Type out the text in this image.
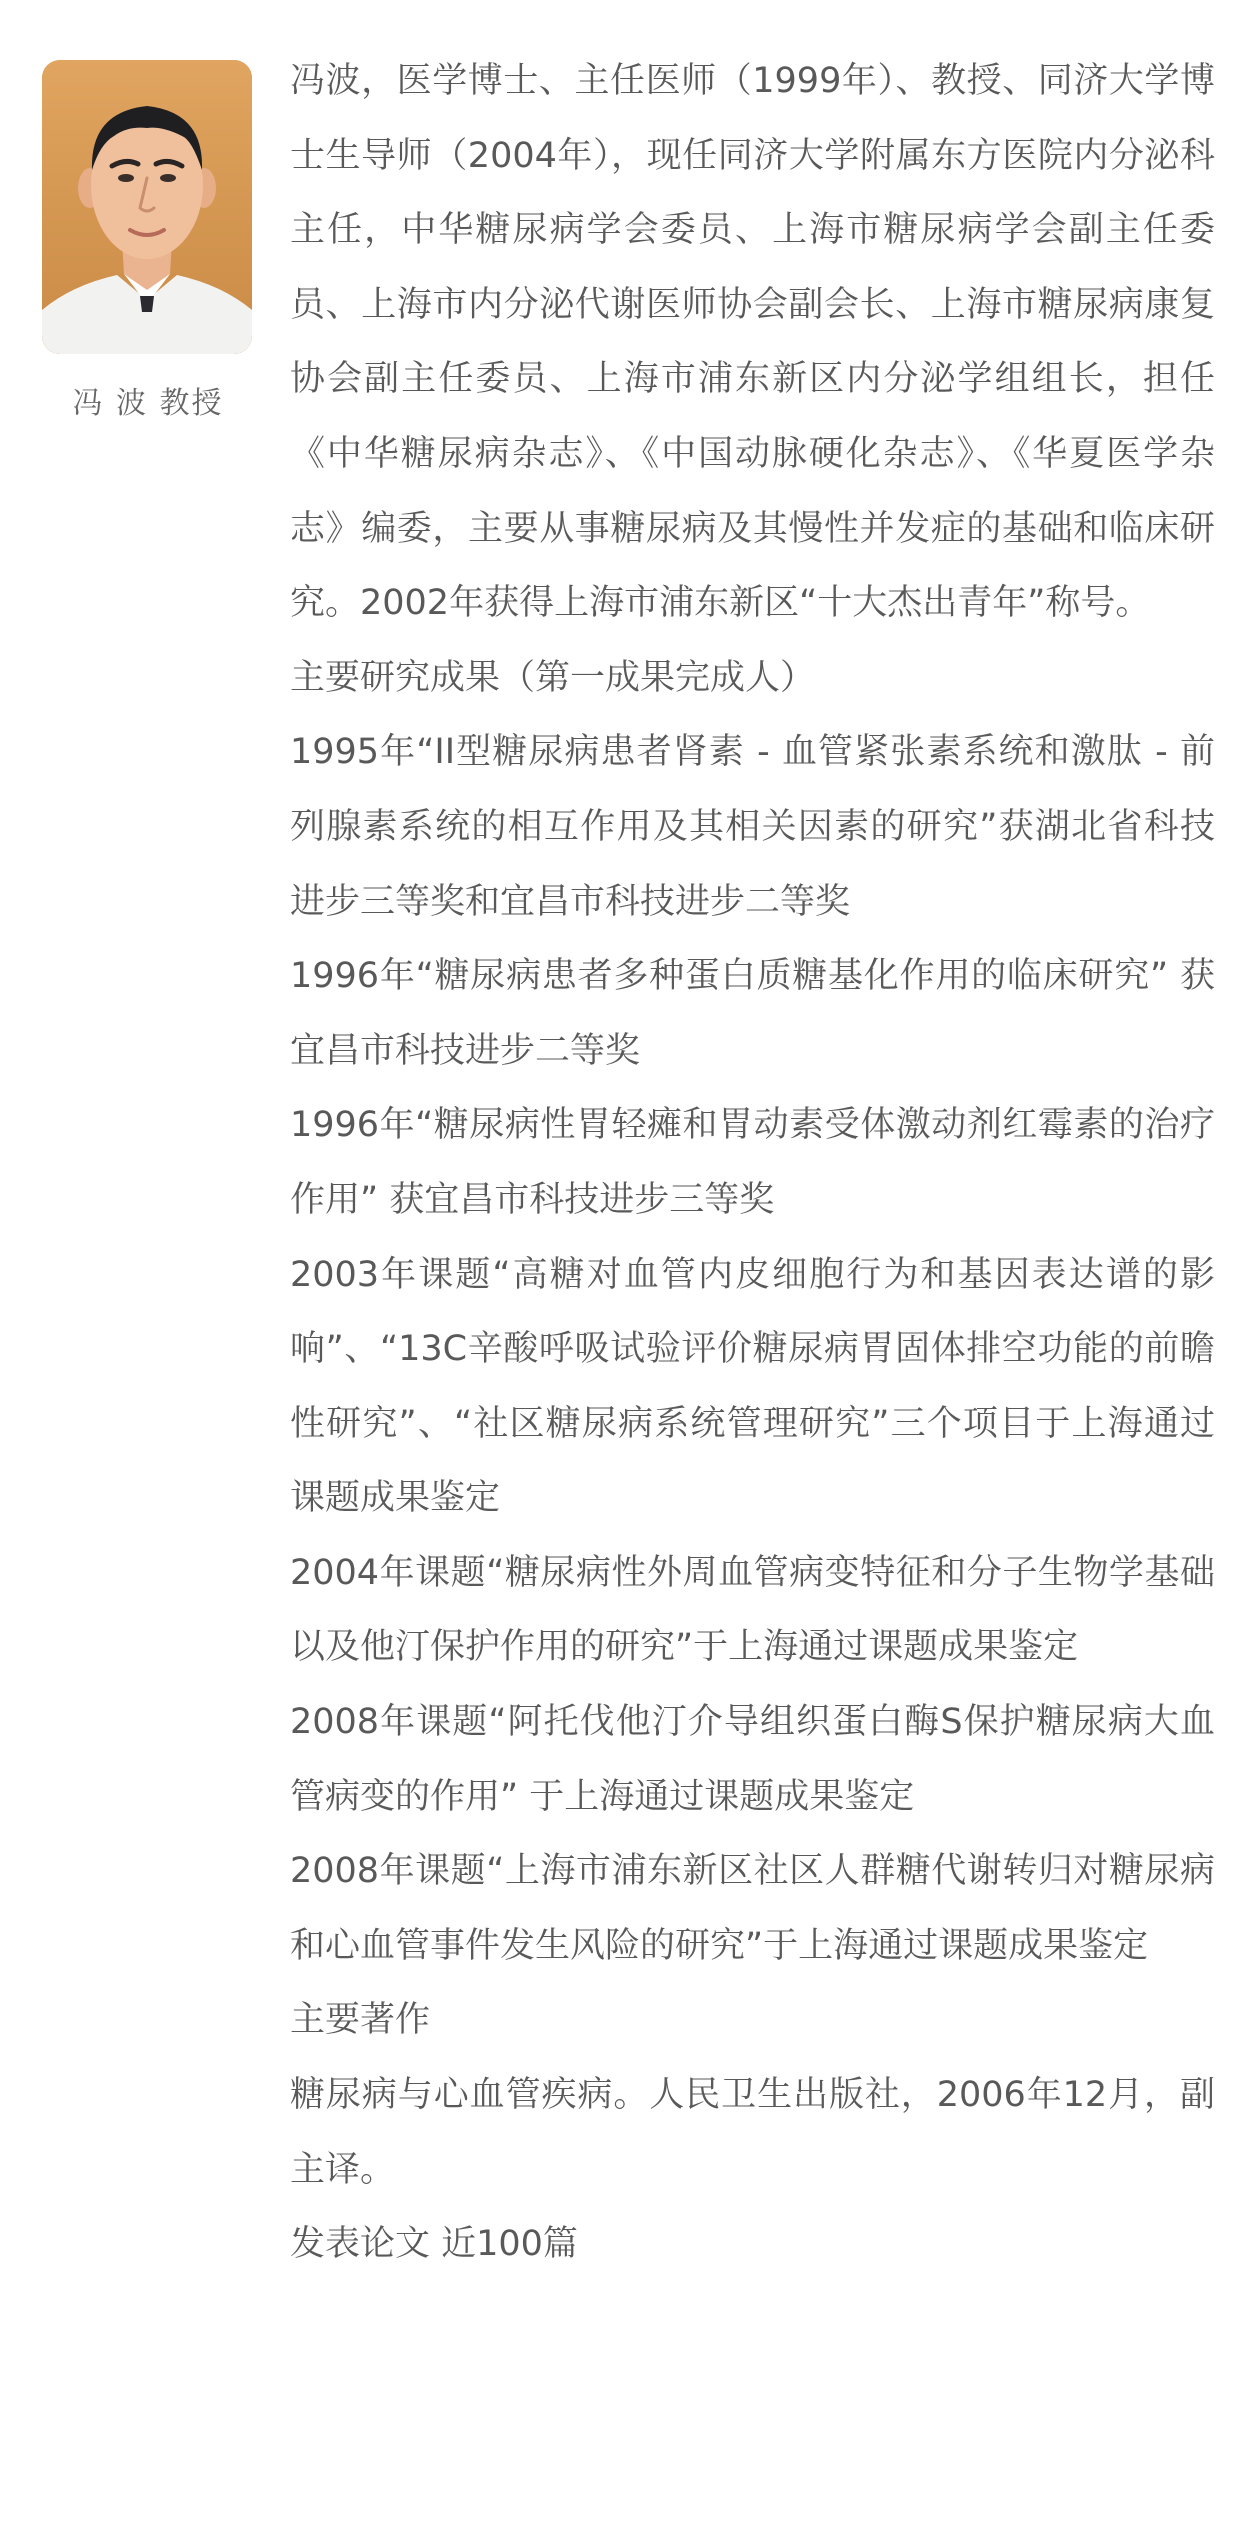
冯 波 教授

冯波，医学博士、主任医师（1999年）、教授、同济大学博士生导师（2004年），现任同济大学附属东方医院内分泌科主任，中华糖尿病学会委员、上海市糖尿病学会副主任委员、上海市内分泌代谢医师协会副会长、上海市糖尿病康复协会副主任委员、上海市浦东新区内分泌学组组长，担任《中华糖尿病杂志》、《中国动脉硬化杂志》、《华夏医学杂志》编委，主要从事糖尿病及其慢性并发症的基础和临床研究。2002年获得上海市浦东新区“十大杰出青年”称号。

主要研究成果（第一成果完成人）

1995年“II型糖尿病患者肾素 - 血管紧张素系统和激肽 - 前列腺素系统的相互作用及其相关因素的研究”获湖北省科技进步三等奖和宜昌市科技进步二等奖

1996年“糖尿病患者多种蛋白质糖基化作用的临床研究” 获宜昌市科技进步二等奖

1996年“糖尿病性胃轻瘫和胃动素受体激动剂红霉素的治疗作用” 获宜昌市科技进步三等奖

2003年课题“高糖对血管内皮细胞行为和基因表达谱的影响”、“13C辛酸呼吸试验评价糖尿病胃固体排空功能的前瞻性研究”、“社区糖尿病系统管理研究”三个项目于上海通过课题成果鉴定

2004年课题“糖尿病性外周血管病变特征和分子生物学基础以及他汀保护作用的研究”于上海通过课题成果鉴定

2008年课题“阿托伐他汀介导组织蛋白酶S保护糖尿病大血管病变的作用” 于上海通过课题成果鉴定

2008年课题“上海市浦东新区社区人群糖代谢转归对糖尿病和心血管事件发生风险的研究”于上海通过课题成果鉴定

主要著作

糖尿病与心血管疾病。人民卫生出版社，2006年12月，副主译。

发表论文 近100篇
